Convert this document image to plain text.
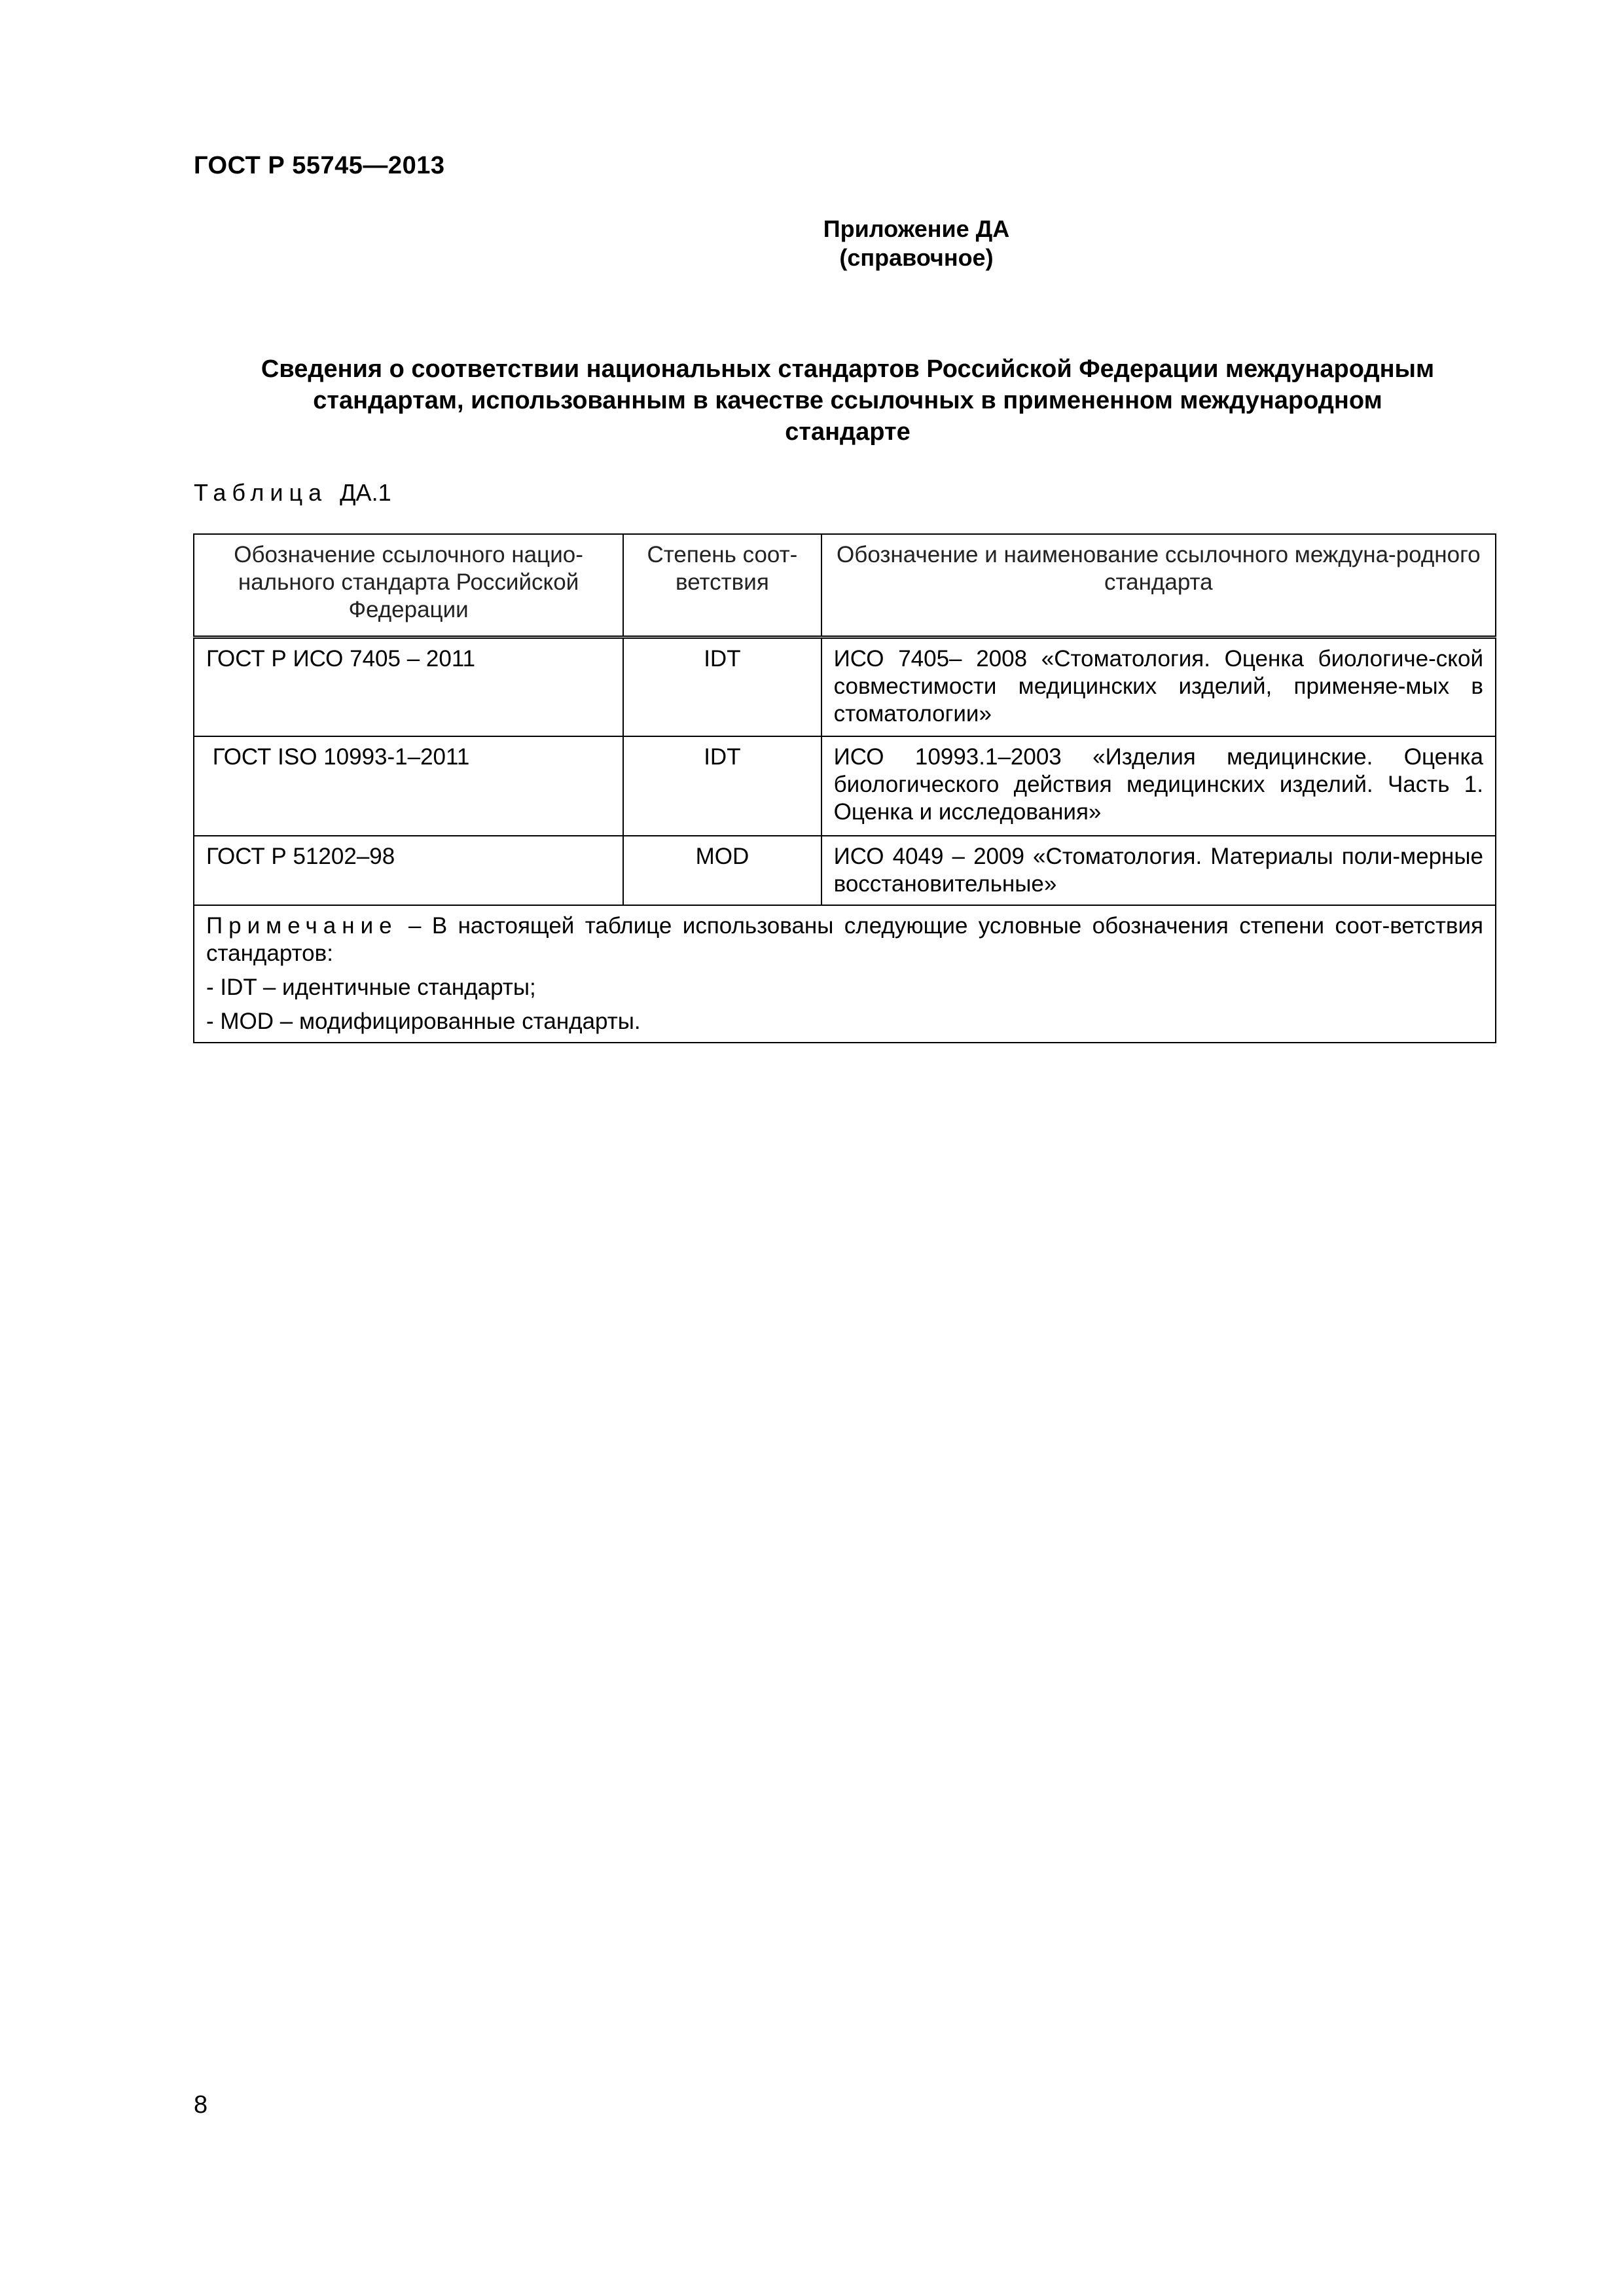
ГОСТ Р 55745—2013
Приложение ДА
(справочное)
Сведения о соответствии национальных стандартов Российской Федерации международным
стандартам, использованным в качестве ссылочных в примененном международном
стандарте
Таблица ДА.1
Обозначение ссылочного нацио-нального стандарта Российской Федерации	Степень соот-ветствия	Обозначение и наименование ссылочного междуна-родного стандарта
ГОСТ Р ИСО 7405 – 2011	IDT	ИСО 7405– 2008 «Стоматология. Оценка биологиче-ской совместимости медицинских изделий, применяе-мых в стоматологии»
ГОСТ ISO 10993-1–2011	IDT	ИСО 10993.1–2003 «Изделия медицинские. Оценка биологического действия медицинских изделий. Часть 1. Оценка и исследования»
ГОСТ Р 51202–98	MOD	ИСО 4049 – 2009 «Стоматология. Материалы поли-мерные восстановительные»

Примечание – В настоящей таблице использованы следующие условные обозначения степени соот-ветствия стандартов:
- IDT – идентичные стандарты;
- MOD – модифицированные стандарты.		
8
